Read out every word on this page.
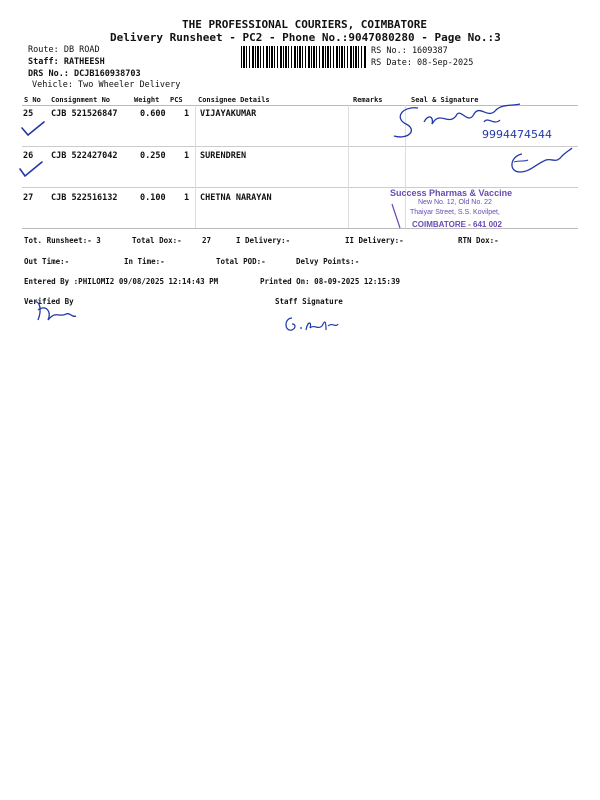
THE PROFESSIONAL COURIERS, COIMBATORE
Delivery Runsheet - PC2 - Phone No.:9047080280 - Page No.:3
Route: DB ROAD
Staff: RATHEESH
DRS No.: DCJB160938703
Vehicle: Two Wheeler Delivery
RS No.: 1609387
RS Date: 08-Sep-2025
S No Consignment No	Weight PCS Consignee Details	Remarks	Seal & Signature
25 CJB 521526847	0.600 1 VIJAYAKUMAR
26 CJB 522427042	0.250 1 SURENDREN
27 CJB 522516132	0.100 1 CHETNA NARAYAN
9994474544
Success Pharmas & Vaccine
New No. 12, Old No. 22
Thaiyar Street, S.S. Kovilpet,
COIMBATORE - 641 002
Tot. Runsheet:- 3	Total Dox:-	27	I Delivery:-	II Delivery:-	RTN Dox:-
Out Time:-	In Time:-	Total POD:-	Delvy Points:-
Entered By :PHILOMI2 09/08/2025 12:14:43 PM	Printed On: 08-09-2025 12:15:39
Verified By	Staff Signature
